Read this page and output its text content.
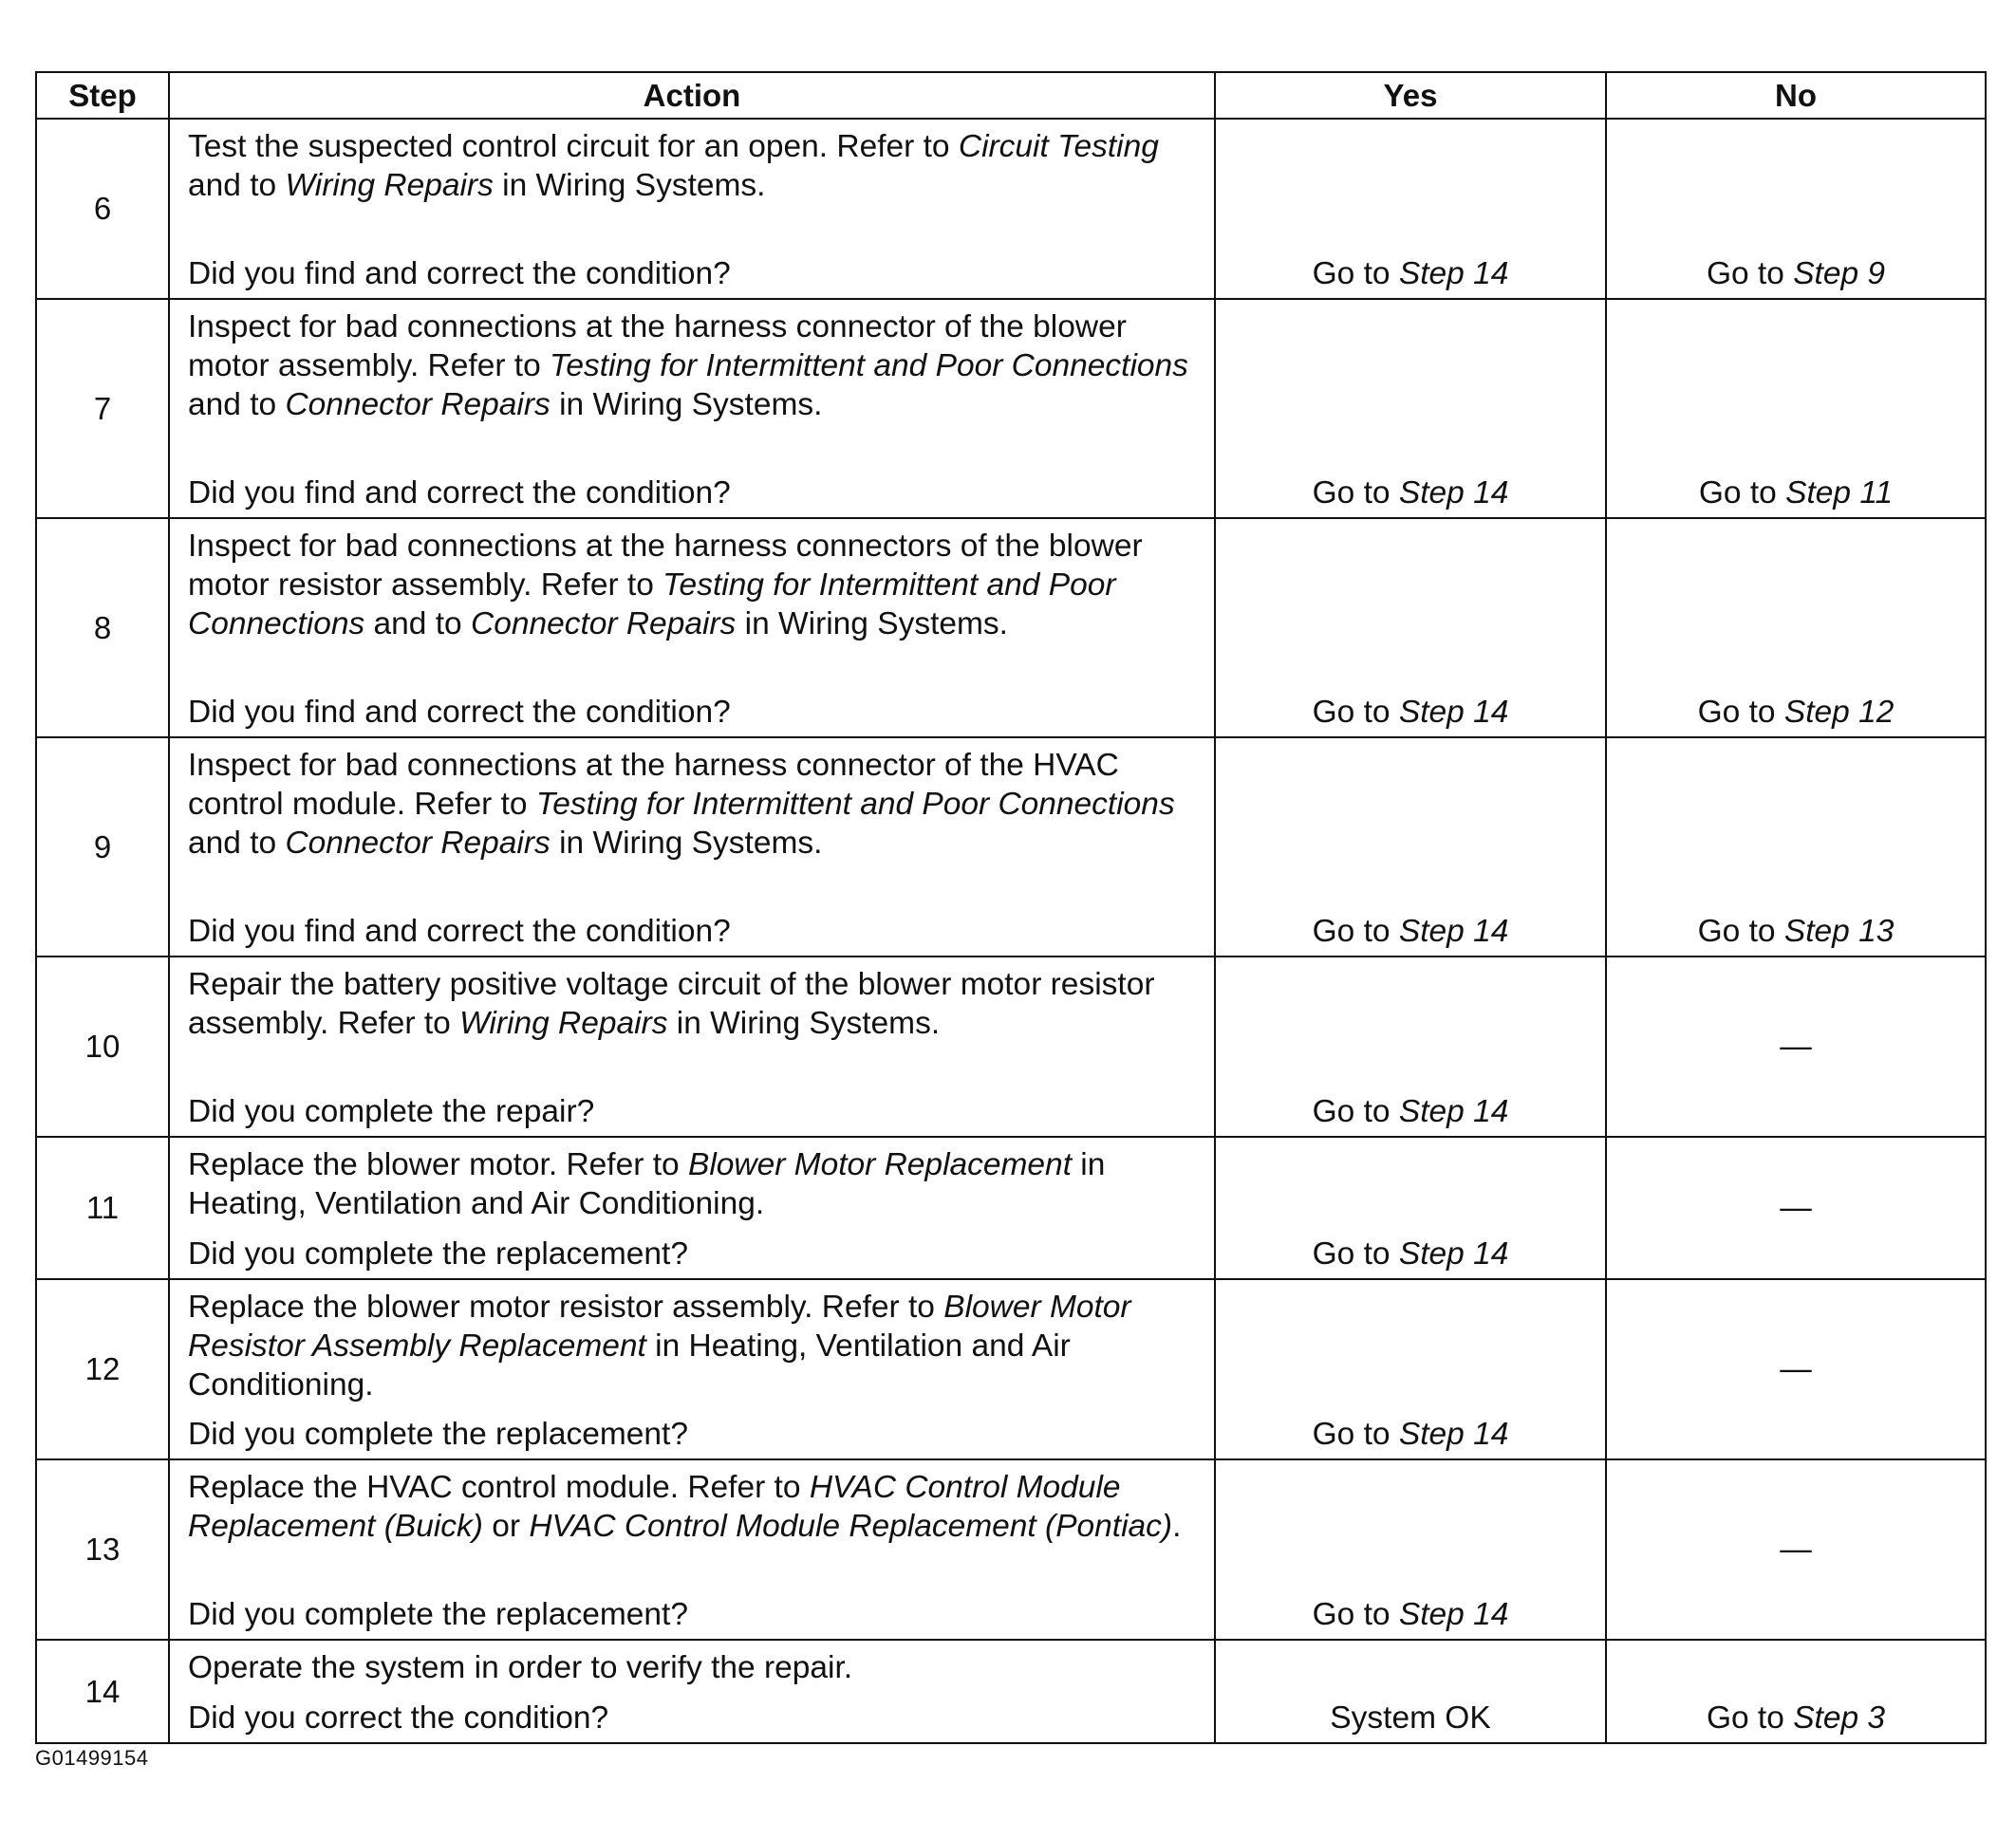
Step	Action	Yes	No
6	Test the suspected control circuit for an open. Refer to Circuit Testing and to Wiring Repairs in Wiring Systems.
Did you find and correct the condition?	Go to Step 14	Go to Step 9

7	Inspect for bad connections at the harness connector of the blower motor assembly. Refer to Testing for Intermittent and Poor Connections and to Connector Repairs in Wiring Systems.
Did you find and correct the condition?	Go to Step 14	Go to Step 11

8	Inspect for bad connections at the harness connectors of the blower motor resistor assembly. Refer to Testing for Intermittent and Poor Connections and to Connector Repairs in Wiring Systems.
Did you find and correct the condition?	Go to Step 14	Go to Step 12

9	Inspect for bad connections at the harness connector of the HVAC control module. Refer to Testing for Intermittent and Poor Connections and to Connector Repairs in Wiring Systems.
Did you find and correct the condition?	Go to Step 14	Go to Step 13

10	Repair the battery positive voltage circuit of the blower motor resistor assembly. Refer to Wiring Repairs in Wiring Systems.
Did you complete the repair?	Go to Step 14	—

11	Replace the blower motor. Refer to Blower Motor Replacement in Heating, Ventilation and Air Conditioning.
Did you complete the replacement?	Go to Step 14	—

12	Replace the blower motor resistor assembly. Refer to Blower Motor Resistor Assembly Replacement in Heating, Ventilation and Air Conditioning.
Did you complete the replacement?	Go to Step 14	—

13	Replace the HVAC control module. Refer to HVAC Control Module Replacement (Buick) or HVAC Control Module Replacement (Pontiac).
Did you complete the replacement?	Go to Step 14	—

14	Operate the system in order to verify the repair.
Did you correct the condition?	System OK	Go to Step 3
G01499154
